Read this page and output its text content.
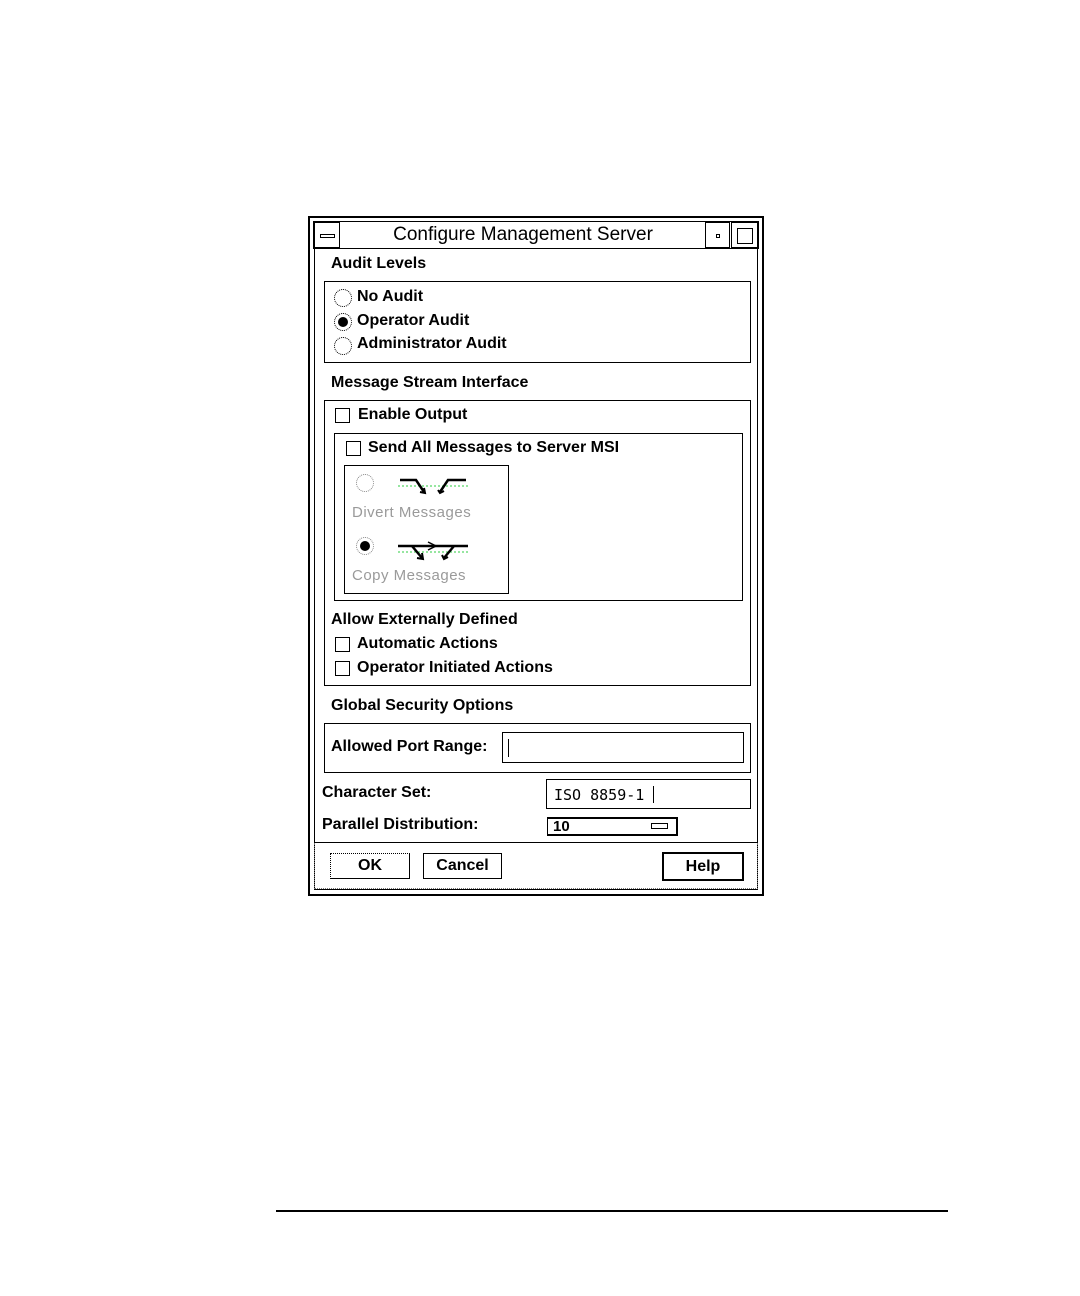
Configure Management Server
Audit Levels
No Audit
Operator Audit
Administrator Audit
Message Stream Interface
Enable Output
Send All Messages to Server MSI
Divert Messages
Copy Messages
Allow Externally Defined
Automatic Actions
Operator Initiated Actions
Global Security Options
Allowed Port Range:
Character Set:	ISO 8859-1
Parallel Distribution:	10
OK	Cancel	Help
